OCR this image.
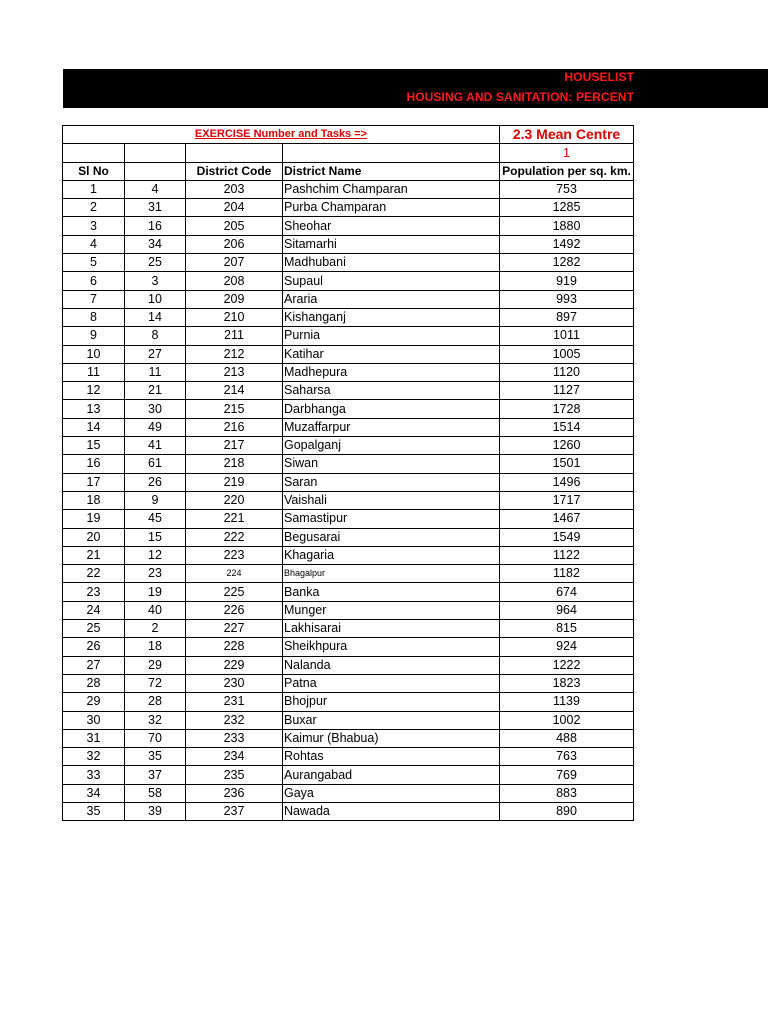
HOUSELIST
HOUSING AND SANITATION: PERCENT
EXERCISE Number and Tasks =>				2.3 Mean Centre
				1
Sl No		District Code	District Name	Population per sq. km.
1	4	203	Pashchim Champaran	753
2	31	204	Purba Champaran	1285
3	16	205	Sheohar	1880
4	34	206	Sitamarhi	1492
5	25	207	Madhubani	1282
6	3	208	Supaul	919
7	10	209	Araria	993
8	14	210	Kishanganj	897
9	8	211	Purnia	1011
10	27	212	Katihar	1005
11	11	213	Madhepura	1120
12	21	214	Saharsa	1127
13	30	215	Darbhanga	1728
14	49	216	Muzaffarpur	1514
15	41	217	Gopalganj	1260
16	61	218	Siwan	1501
17	26	219	Saran	1496
18	9	220	Vaishali	1717
19	45	221	Samastipur	1467
20	15	222	Begusarai	1549
21	12	223	Khagaria	1122
22	23	224	Bhagalpur	1182
23	19	225	Banka	674
24	40	226	Munger	964
25	2	227	Lakhisarai	815
26	18	228	Sheikhpura	924
27	29	229	Nalanda	1222
28	72	230	Patna	1823
29	28	231	Bhojpur	1139
30	32	232	Buxar	1002
31	70	233	Kaimur (Bhabua)	488
32	35	234	Rohtas	763
33	37	235	Aurangabad	769
34	58	236	Gaya	883
35	39	237	Nawada	890
